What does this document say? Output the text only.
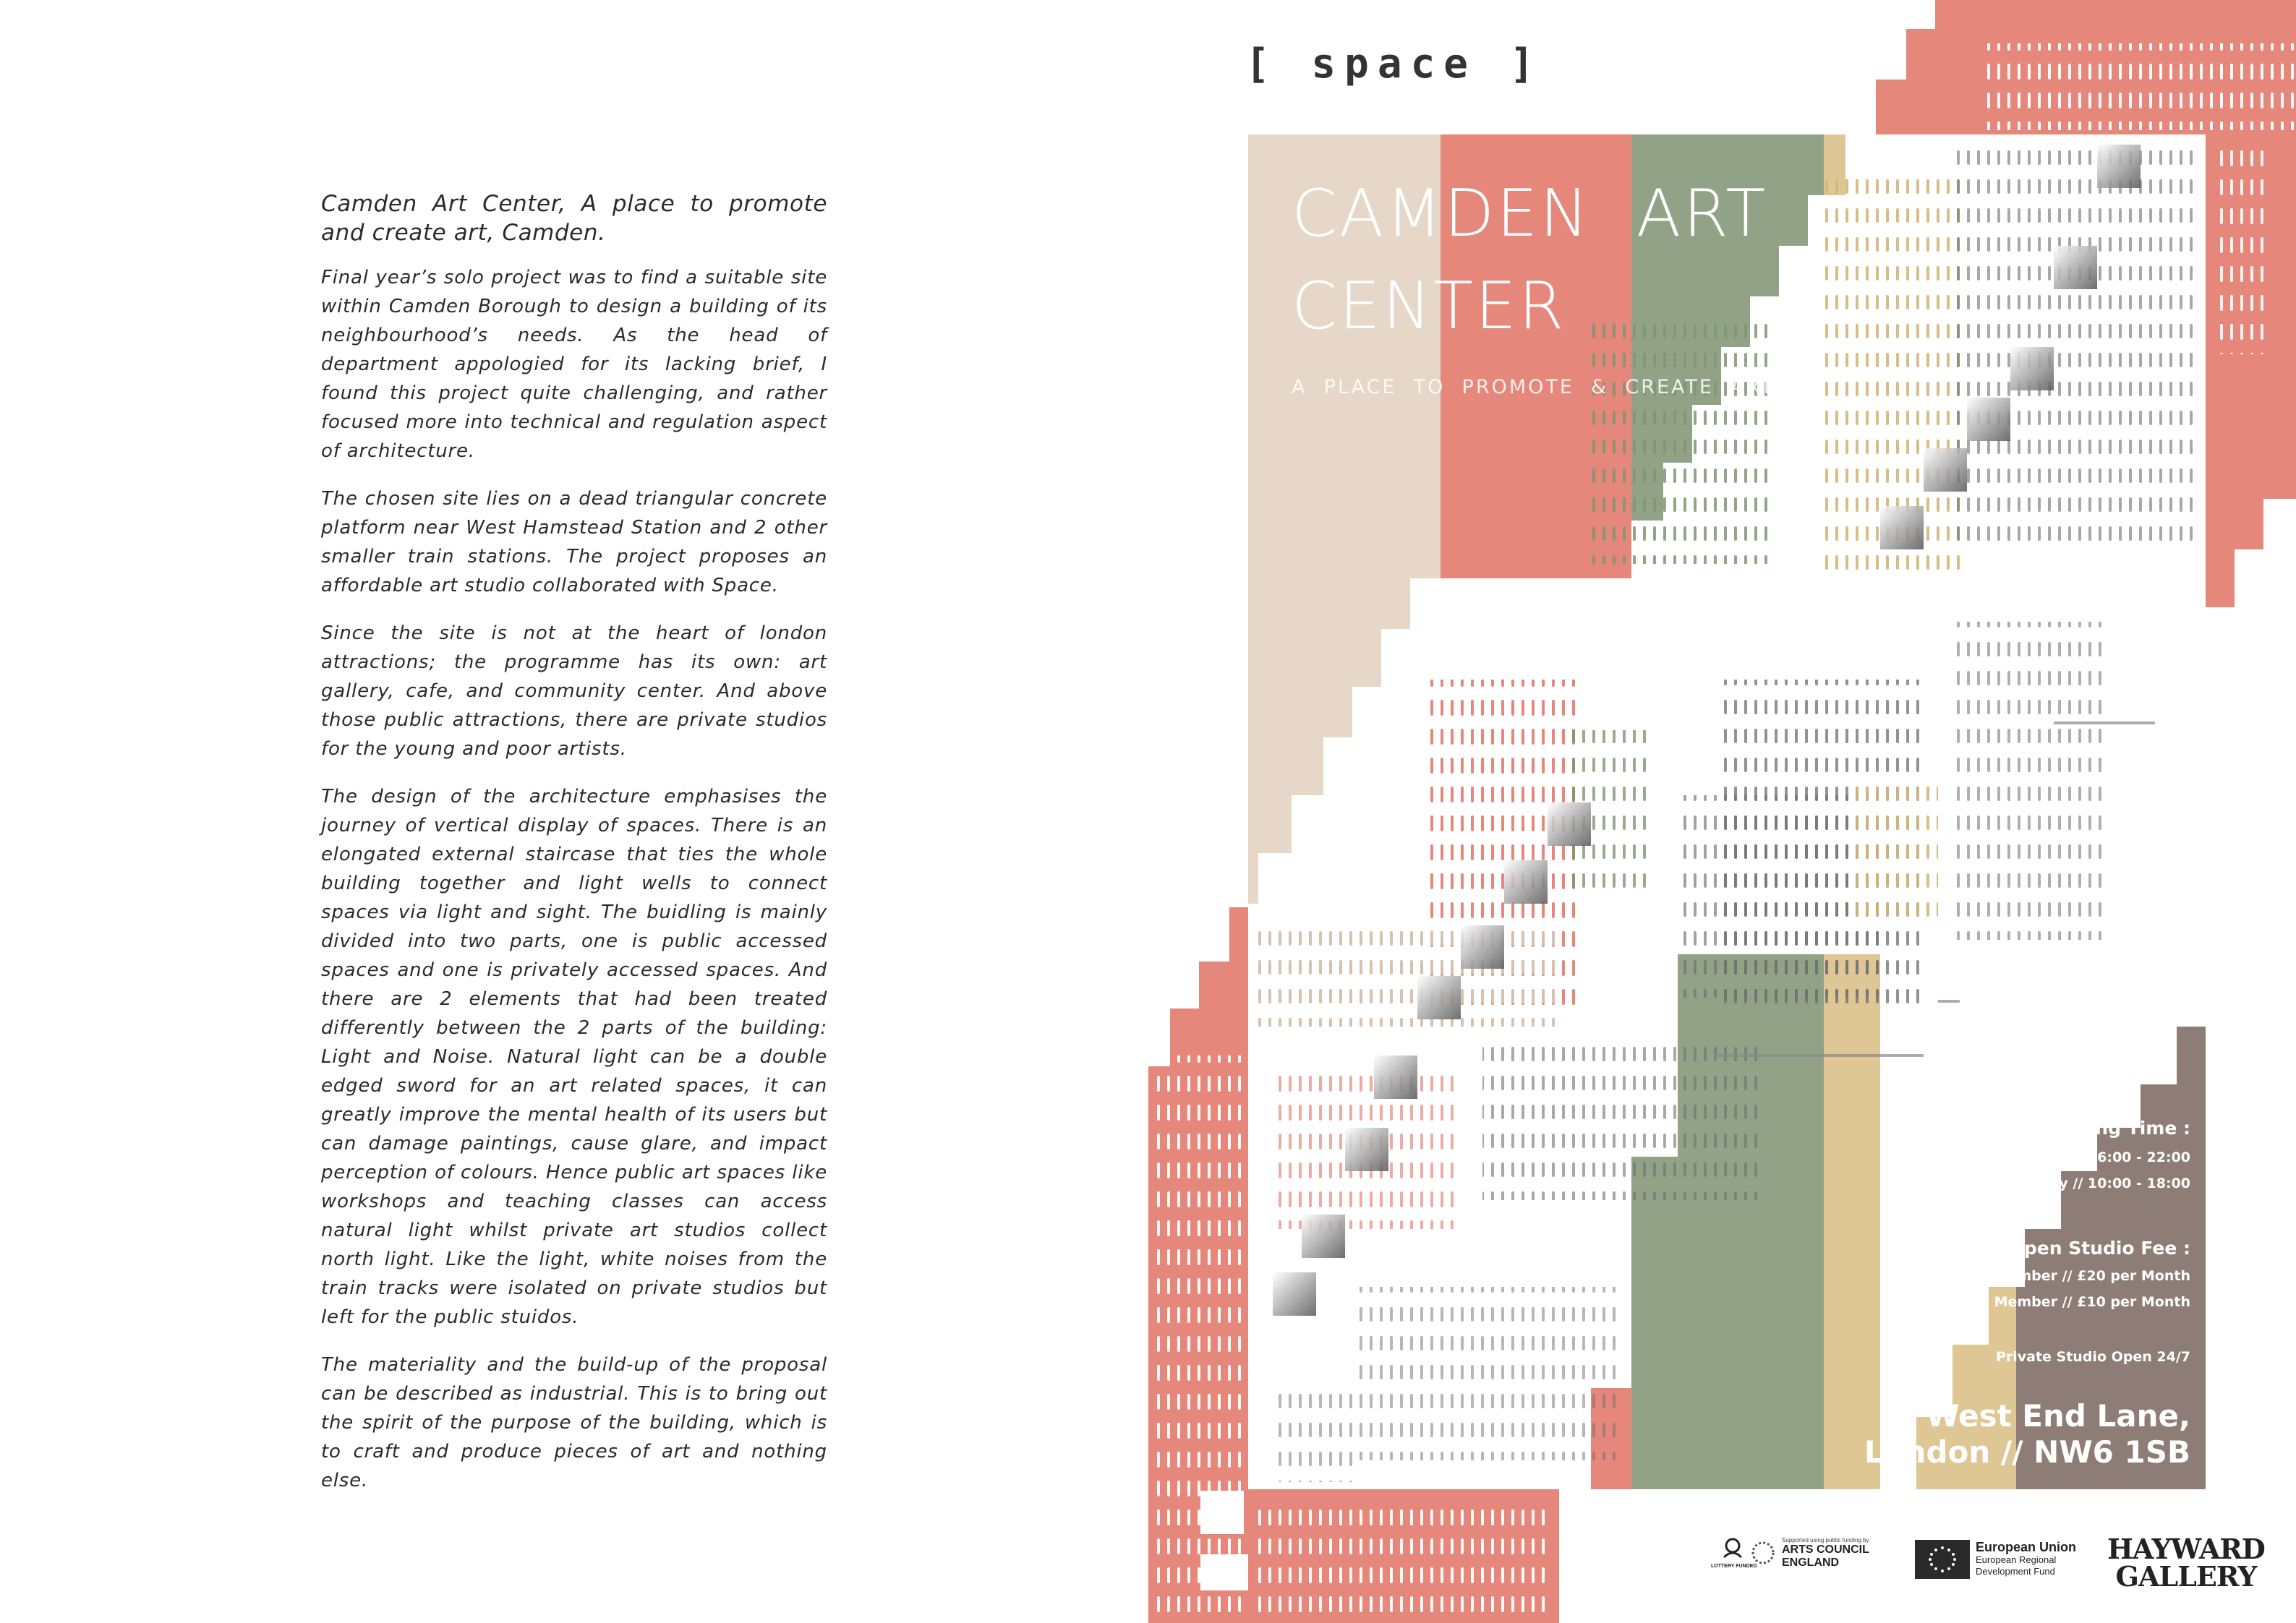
Camden Art Center, A place to promote and create art, Camden.

Final year’s solo project was to find a suitable site within Camden Borough to design a building of its neighbourhood’s needs. As the head of department appologied for its lacking brief, I found this project quite challenging, and rather focused more into technical and regulation aspect of architecture.

The chosen site lies on a dead triangular concrete platform near West Hamstead Station and 2 other smaller train stations. The project proposes an affordable art studio collaborated with Space.

Since the site is not at the heart of london attractions; the programme has its own: art gallery, cafe, and community center. And above those public attractions, there are private studios for the young and poor artists.

The design of the architecture emphasises the journey of vertical display of spaces. There is an elongated external staircase that ties the whole building together and light wells to connect spaces via light and sight. The buidling is mainly divided into two parts, one is public accessed spaces and one is privately accessed spaces. And there are 2 elements that had been treated differently between the 2 parts of the building: Light and Noise. Natural light can be a double edged sword for an art related spaces, it can greatly improve the mental health of its users but can damage paintings, cause glare, and impact perception of colours. Hence public art spaces like workshops and teaching classes can access natural light whilst private art studios collect north light. Like the light, white noises from the train tracks were isolated on private studios but left for the public stuidos.

The materiality and the build-up of the proposal can be described as industrial. This is to bring out the spirit of the purpose of the building, which is to craft and produce pieces of art and nothing else.

[ space ]
CAMDEN  ART
CENTER
A  PLACE  TO  PROMOTE  &  CREATE  ART
Opening Time :
Monday - Friday // 06:00 - 22:00
Saturday - Sunday // 10:00 - 18:00
Open Studio Fee :
Premium Member // £20 per Month
Standard Member // £10 per Month
Private Studio Open 24/7
West End Lane,
London // NW6 1SB
LOTTERY FUNDED
Supported using public funding by
ARTS COUNCIL
ENGLAND
European Union
European Regional
Development Fund
HAYWARD
GALLERY
